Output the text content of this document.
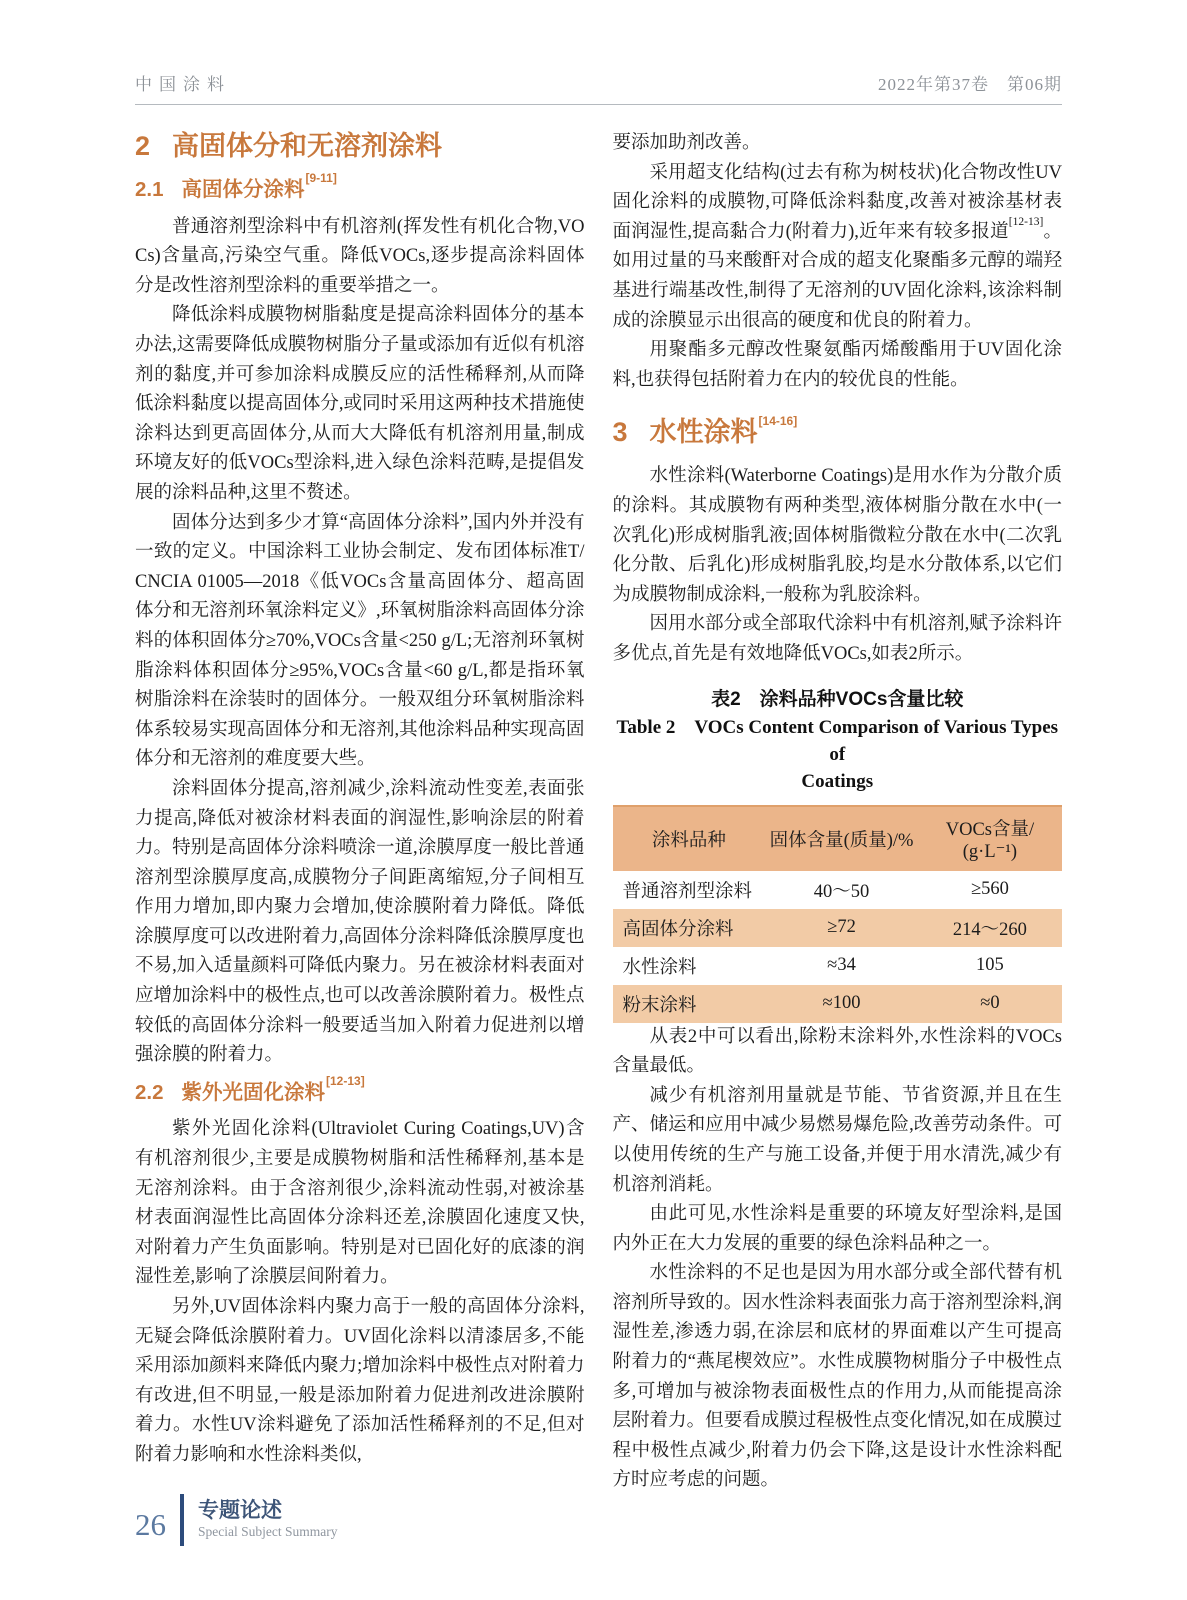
中国涂料	2022年第37卷　第06期
2 高固体分和无溶剂涂料
2.1 高固体分涂料[9-11]

普通溶剂型涂料中有机溶剂(挥发性有机化合物,VOCs)含量高,污染空气重。降低VOCs,逐步提高涂料固体分是改性溶剂型涂料的重要举措之一。

降低涂料成膜物树脂黏度是提高涂料固体分的基本办法,这需要降低成膜物树脂分子量或添加有近似有机溶剂的黏度,并可参加涂料成膜反应的活性稀释剂,从而降低涂料黏度以提高固体分,或同时采用这两种技术措施使涂料达到更高固体分,从而大大降低有机溶剂用量,制成环境友好的低VOCs型涂料,进入绿色涂料范畴,是提倡发展的涂料品种,这里不赘述。

固体分达到多少才算“高固体分涂料”,国内外并没有一致的定义。中国涂料工业协会制定、发布团体标准T/CNCIA 01005—2018《低VOCs含量高固体分、超高固体分和无溶剂环氧涂料定义》,环氧树脂涂料高固体分涂料的体积固体分≥70%,VOCs含量<250 g/L;无溶剂环氧树脂涂料体积固体分≥95%,VOCs含量<60 g/L,都是指环氧树脂涂料在涂装时的固体分。一般双组分环氧树脂涂料体系较易实现高固体分和无溶剂,其他涂料品种实现高固体分和无溶剂的难度要大些。

涂料固体分提高,溶剂减少,涂料流动性变差,表面张力提高,降低对被涂材料表面的润湿性,影响涂层的附着力。特别是高固体分涂料喷涂一道,涂膜厚度一般比普通溶剂型涂膜厚度高,成膜物分子间距离缩短,分子间相互作用力增加,即内聚力会增加,使涂膜附着力降低。降低涂膜厚度可以改进附着力,高固体分涂料降低涂膜厚度也不易,加入适量颜料可降低内聚力。另在被涂材料表面对应增加涂料中的极性点,也可以改善涂膜附着力。极性点较低的高固体分涂料一般要适当加入附着力促进剂以增强涂膜的附着力。

2.2 紫外光固化涂料[12-13]

紫外光固化涂料(Ultraviolet Curing Coatings,UV)含有机溶剂很少,主要是成膜物树脂和活性稀释剂,基本是无溶剂涂料。由于含溶剂很少,涂料流动性弱,对被涂基材表面润湿性比高固体分涂料还差,涂膜固化速度又快,对附着力产生负面影响。特别是对已固化好的底漆的润湿性差,影响了涂膜层间附着力。

另外,UV固体涂料内聚力高于一般的高固体分涂料,无疑会降低涂膜附着力。UV固化涂料以清漆居多,不能采用添加颜料来降低内聚力;增加涂料中极性点对附着力有改进,但不明显,一般是添加附着力促进剂改进涂膜附着力。水性UV涂料避免了添加活性稀释剂的不足,但对附着力影响和水性涂料类似,

要添加助剂改善。

采用超支化结构(过去有称为树枝状)化合物改性UV固化涂料的成膜物,可降低涂料黏度,改善对被涂基材表面润湿性,提高黏合力(附着力),近年来有较多报道[12-13]。如用过量的马来酸酐对合成的超支化聚酯多元醇的端羟基进行端基改性,制得了无溶剂的UV固化涂料,该涂料制成的涂膜显示出很高的硬度和优良的附着力。

用聚酯多元醇改性聚氨酯丙烯酸酯用于UV固化涂料,也获得包括附着力在内的较优良的性能。

3 水性涂料[14-16]

水性涂料(Waterborne Coatings)是用水作为分散介质的涂料。其成膜物有两种类型,液体树脂分散在水中(一次乳化)形成树脂乳液;固体树脂微粒分散在水中(二次乳化分散、后乳化)形成树脂乳胶,均是水分散体系,以它们为成膜物制成涂料,一般称为乳胶涂料。

因用水部分或全部取代涂料中有机溶剂,赋予涂料许多优点,首先是有效地降低VOCs,如表2所示。

表2　涂料品种VOCs含量比较
Table 2　VOCs Content Comparison of Various Types of
Coatings
涂料品种	固体含量(质量)/%	VOCs含量/
(g·L⁻¹)

普通溶剂型涂料	40～50	≥560
高固体分涂料	≥72	214～260
水性涂料	≈34	105
粉末涂料	≈100	≈0

从表2中可以看出,除粉末涂料外,水性涂料的VOCs含量最低。

减少有机溶剂用量就是节能、节省资源,并且在生产、储运和应用中减少易燃易爆危险,改善劳动条件。可以使用传统的生产与施工设备,并便于用水清洗,减少有机溶剂消耗。

由此可见,水性涂料是重要的环境友好型涂料,是国内外正在大力发展的重要的绿色涂料品种之一。

水性涂料的不足也是因为用水部分或全部代替有机溶剂所导致的。因水性涂料表面张力高于溶剂型涂料,润湿性差,渗透力弱,在涂层和底材的界面难以产生可提高附着力的“燕尾楔效应”。水性成膜物树脂分子中极性点多,可增加与被涂物表面极性点的作用力,从而能提高涂层附着力。但要看成膜过程极性点变化情况,如在成膜过程中极性点减少,附着力仍会下降,这是设计水性涂料配方时应考虑的问题。

26 专题论述
Special Subject Summary
